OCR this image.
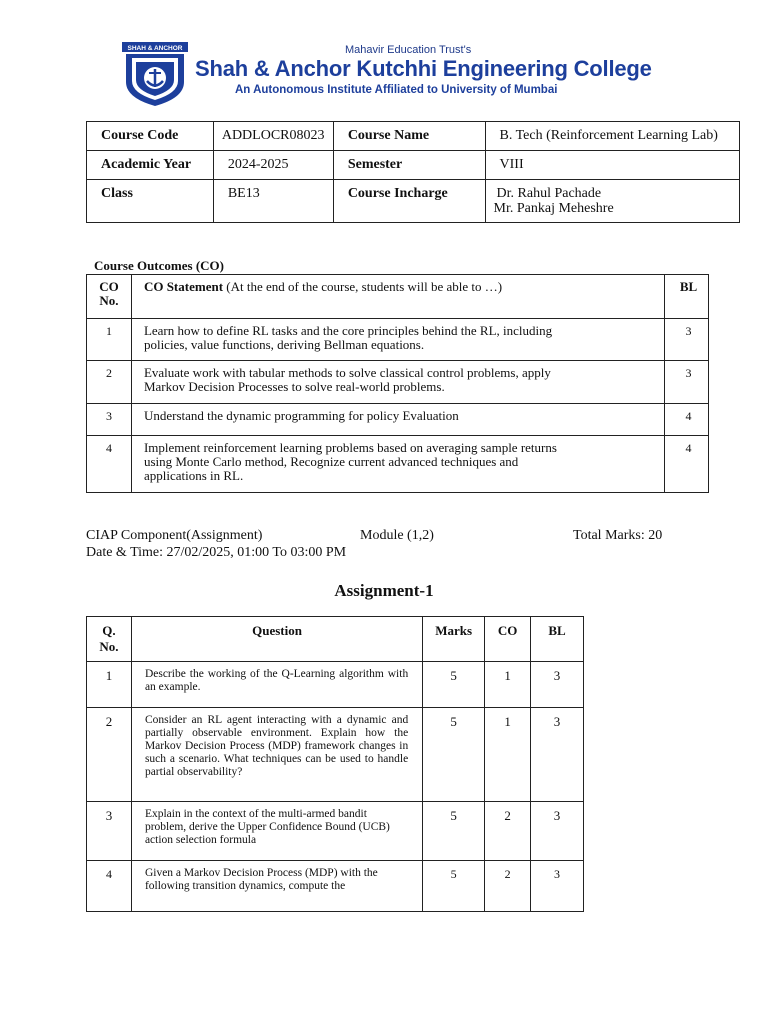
SHAH & ANCHOR	Mahavir Education Trust's
Shah & Anchor Kutchhi Engineering College
An Autonomous Institute Affiliated to University of Mumbai
Course Code	ADDLOCR08023	Course Name	B. Tech (Reinforcement Learning Lab)
Academic Year	2024-2025	Semester	VIII
Class	BE13	Course Incharge	Dr. Rahul Pachade
Mr. Pankaj Meheshre
Course Outcomes (CO)
CO
No.	CO Statement (At the end of the course, students will be able to …)	BL
1	Learn how to define RL tasks and the core principles behind the RL, including
policies, value functions, deriving Bellman equations.	3
2	Evaluate work with tabular methods to solve classical control problems, apply
Markov Decision Processes to solve real-world problems.	3
3	Understand the dynamic programming for policy Evaluation	4
4	Implement reinforcement learning problems based on averaging sample returns
using Monte Carlo method, Recognize current advanced techniques and
applications in RL.	4
CIAP Component(Assignment)	Module (1,2)	Total Marks: 20
Date & Time: 27/02/2025, 01:00 To 03:00 PM
Assignment-1
Q.
No.	Question	Marks	CO	BL
1	Describe the working of the Q-Learning algorithm with an example.	5	1	3
2	Consider an RL agent interacting with a dynamic and partially observable environment. Explain how the Markov Decision Process (MDP) framework changes in such a scenario. What techniques can be used to handle partial observability?	5	1	3
3	Explain in the context of the multi-armed bandit problem, derive the Upper Confidence Bound (UCB) action selection formula	5	2	3
4	Given a Markov Decision Process (MDP) with the following transition dynamics, compute the	5	2	3
